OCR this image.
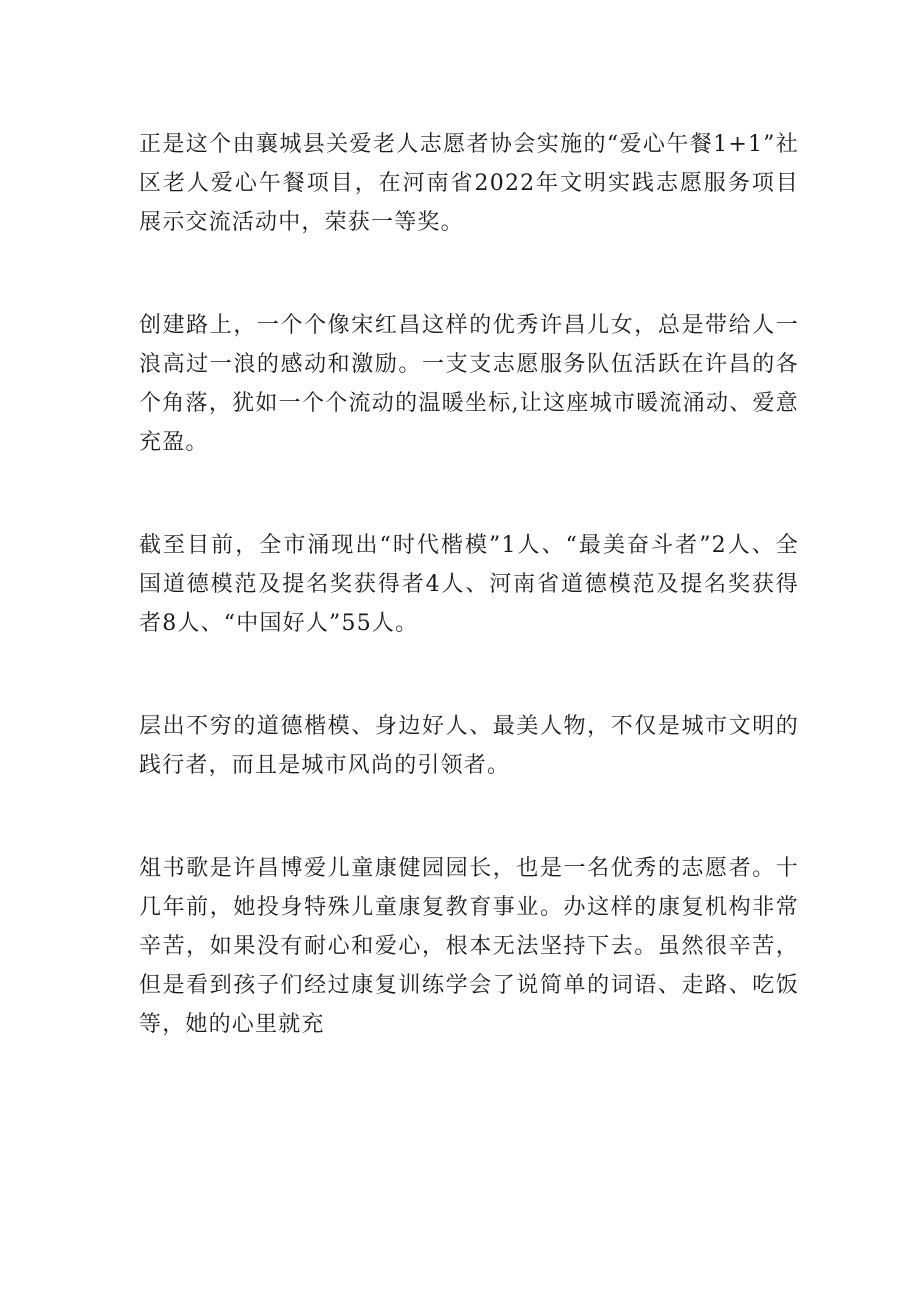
正是这个由襄城县关爱老人志愿者协会实施的“爱心午餐1+1”社区老人爱心午餐项目，在河南省2022年文明实践志愿服务项目展示交流活动中，荣获一等奖。

创建路上，一个个像宋红昌这样的优秀许昌儿女，总是带给人一浪高过一浪的感动和激励。一支支志愿服务队伍活跃在许昌的各个角落，犹如一个个流动的温暖坐标,让这座城市暖流涌动、爱意充盈。

截至目前，全市涌现出“时代楷模”1人、“最美奋斗者”2人、全国道德模范及提名奖获得者4人、河南省道德模范及提名奖获得者8人、“中国好人”55人。

层出不穷的道德楷模、身边好人、最美人物，不仅是城市文明的践行者，而且是城市风尚的引领者。

俎书歌是许昌博爱儿童康健园园长，也是一名优秀的志愿者。十几年前，她投身特殊儿童康复教育事业。办这样的康复机构非常辛苦，如果没有耐心和爱心，根本无法坚持下去。虽然很辛苦，但是看到孩子们经过康复训练学会了说简单的词语、走路、吃饭等，她的心里就充
